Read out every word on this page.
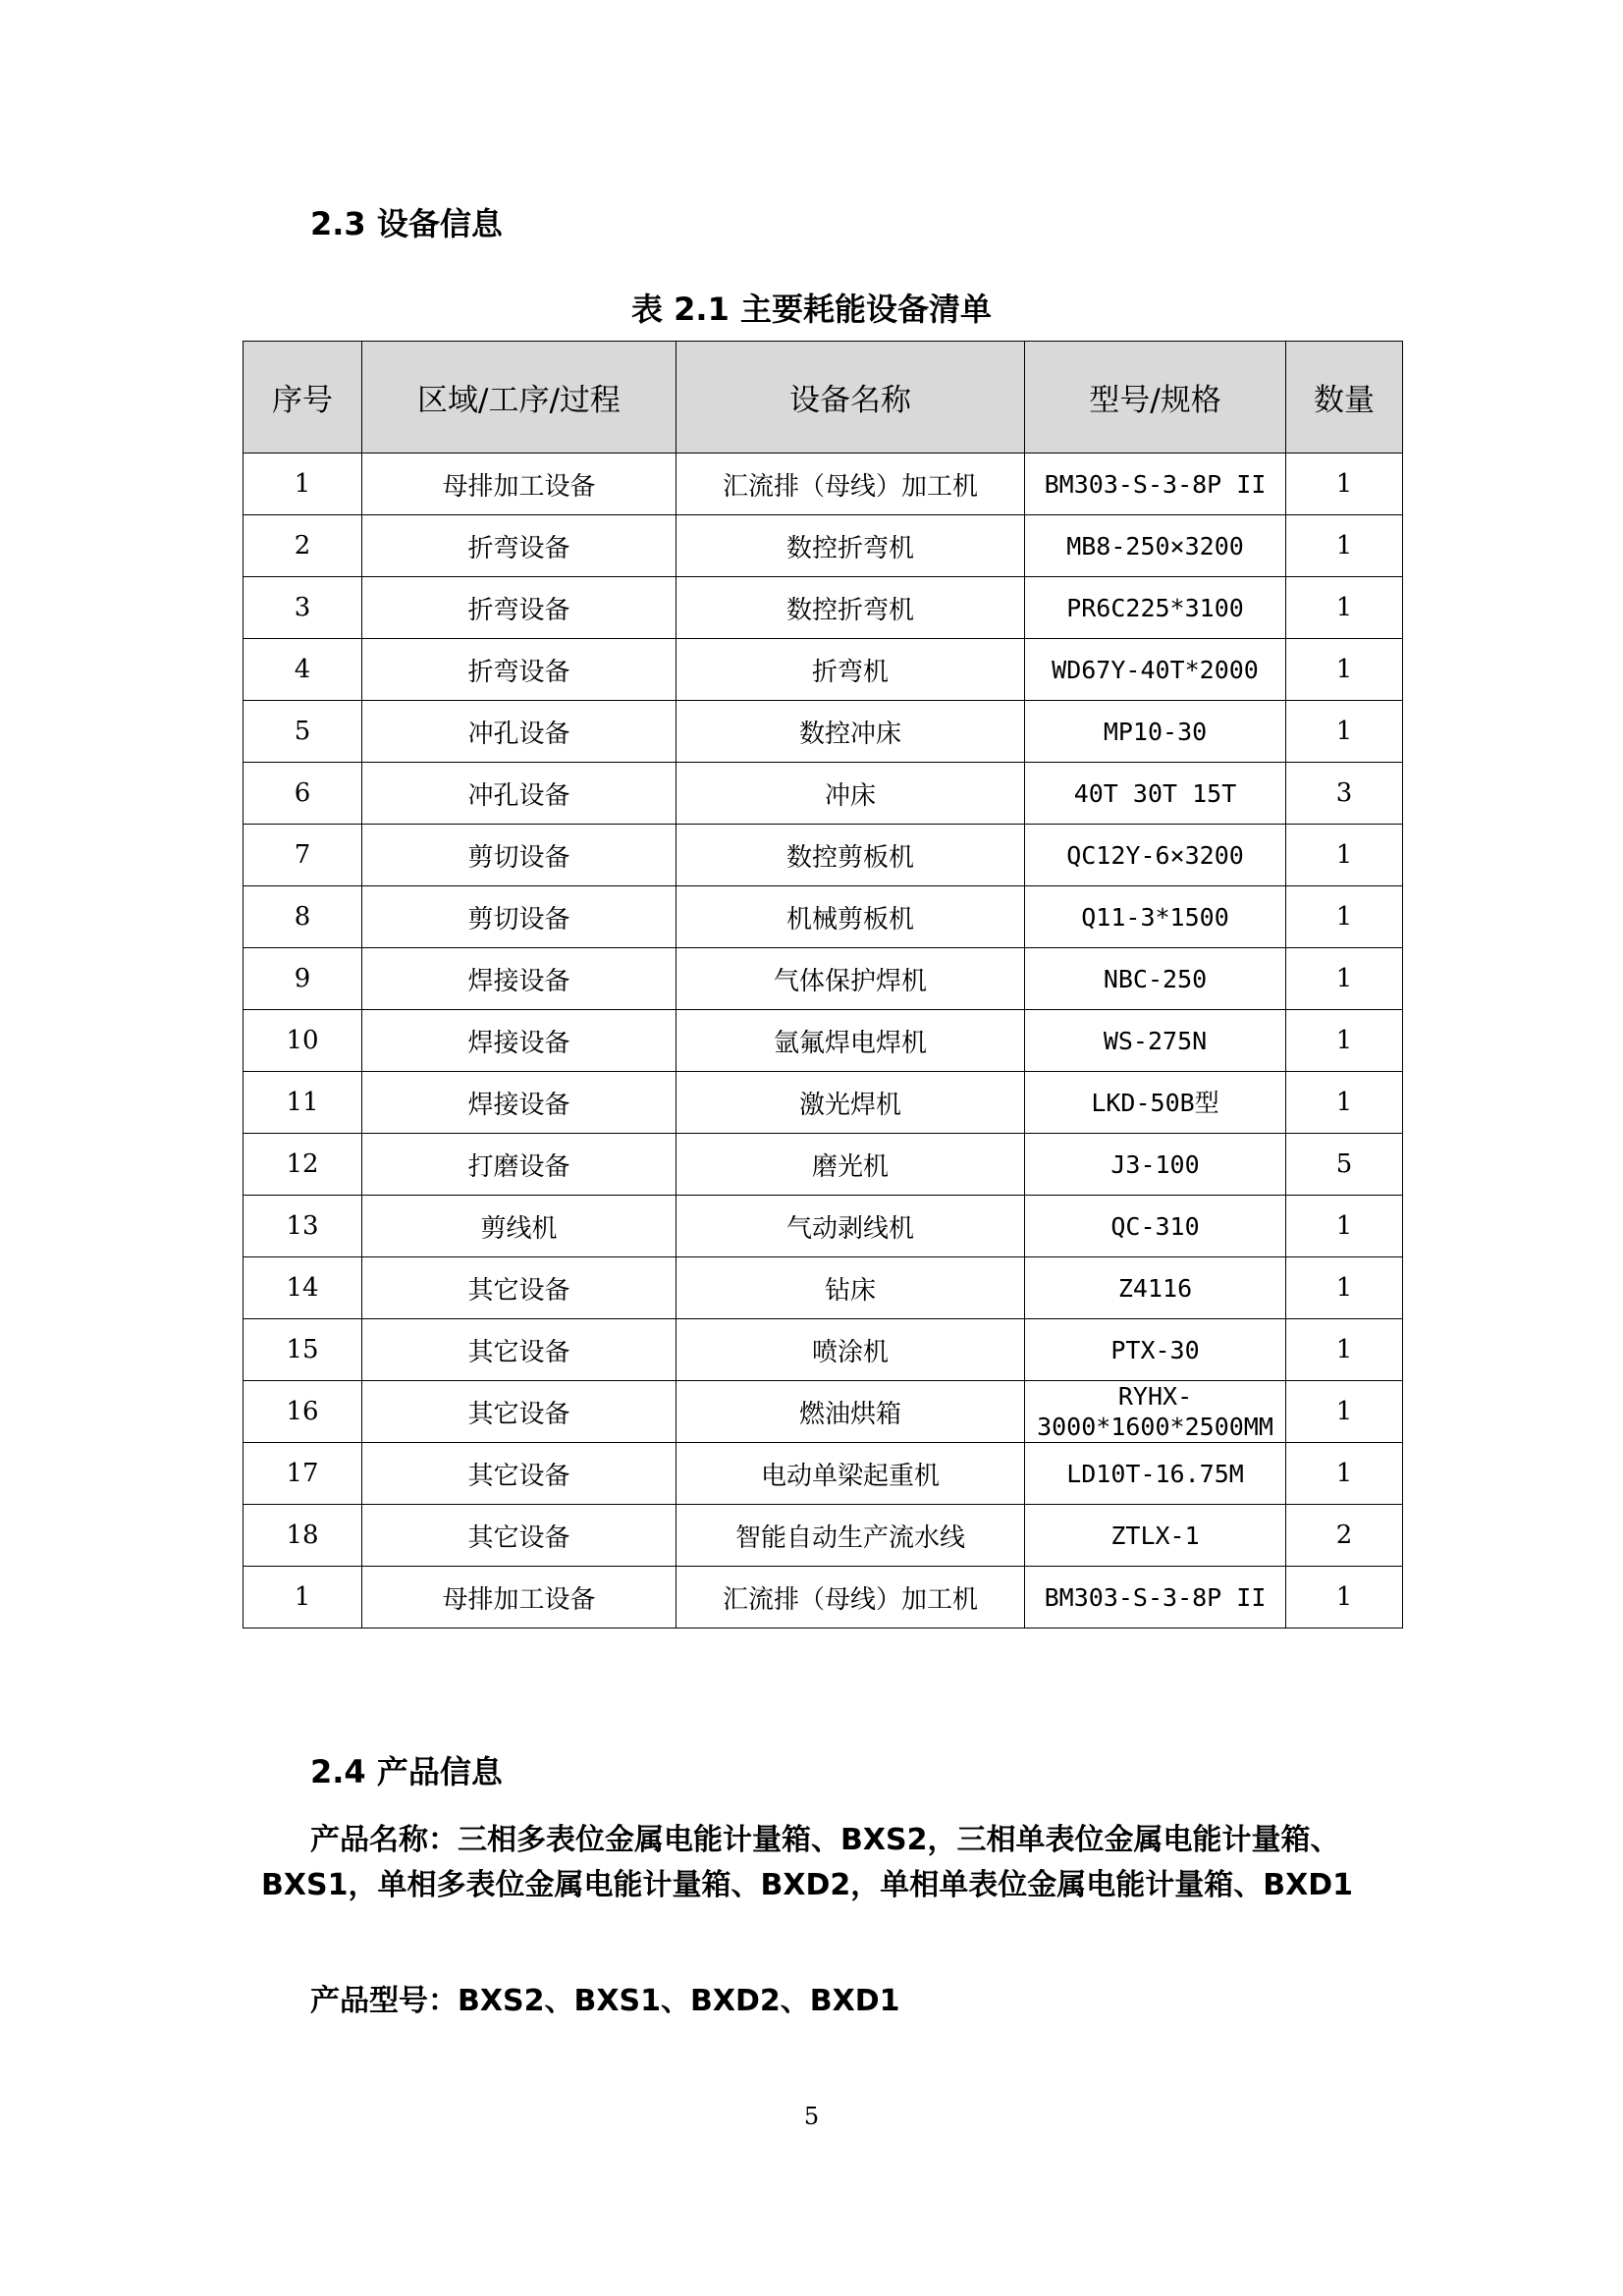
2.3 设备信息
表 2.1 主要耗能设备清单
序号	区域/工序/过程	设备名称	型号/规格	数量
1	母排加工设备	汇流排（母线）加工机	BM303-S-3-8P II	1
2	折弯设备	数控折弯机	MB8-250×3200	1
3	折弯设备	数控折弯机	PR6C225*3100	1
4	折弯设备	折弯机	WD67Y-40T*2000	1
5	冲孔设备	数控冲床	MP10-30	1
6	冲孔设备	冲床	40T 30T 15T	3
7	剪切设备	数控剪板机	QC12Y-6×3200	1
8	剪切设备	机械剪板机	Q11-3*1500	1
9	焊接设备	气体保护焊机	NBC-250	1
10	焊接设备	氩氟焊电焊机	WS-275N	1
11	焊接设备	激光焊机	LKD-50B型	1
12	打磨设备	磨光机	J3-100	5
13	剪线机	气动剥线机	QC-310	1
14	其它设备	钻床	Z4116	1
15	其它设备	喷涂机	PTX-30	1
16	其它设备	燃油烘箱	RYHX-3000*1600*2500MM	1
17	其它设备	电动单梁起重机	LD10T-16.75M	1
18	其它设备	智能自动生产流水线	ZTLX-1	2
1	母排加工设备	汇流排（母线）加工机	BM303-S-3-8P II	1
2.4 产品信息
产品名称：三相多表位金属电能计量箱、BXS2，三相单表位金属电能计量箱、BXS1，单相多表位金属电能计量箱、BXD2，单相单表位金属电能计量箱、BXD1
产品型号：BXS2、BXS1、BXD2、BXD1
5
